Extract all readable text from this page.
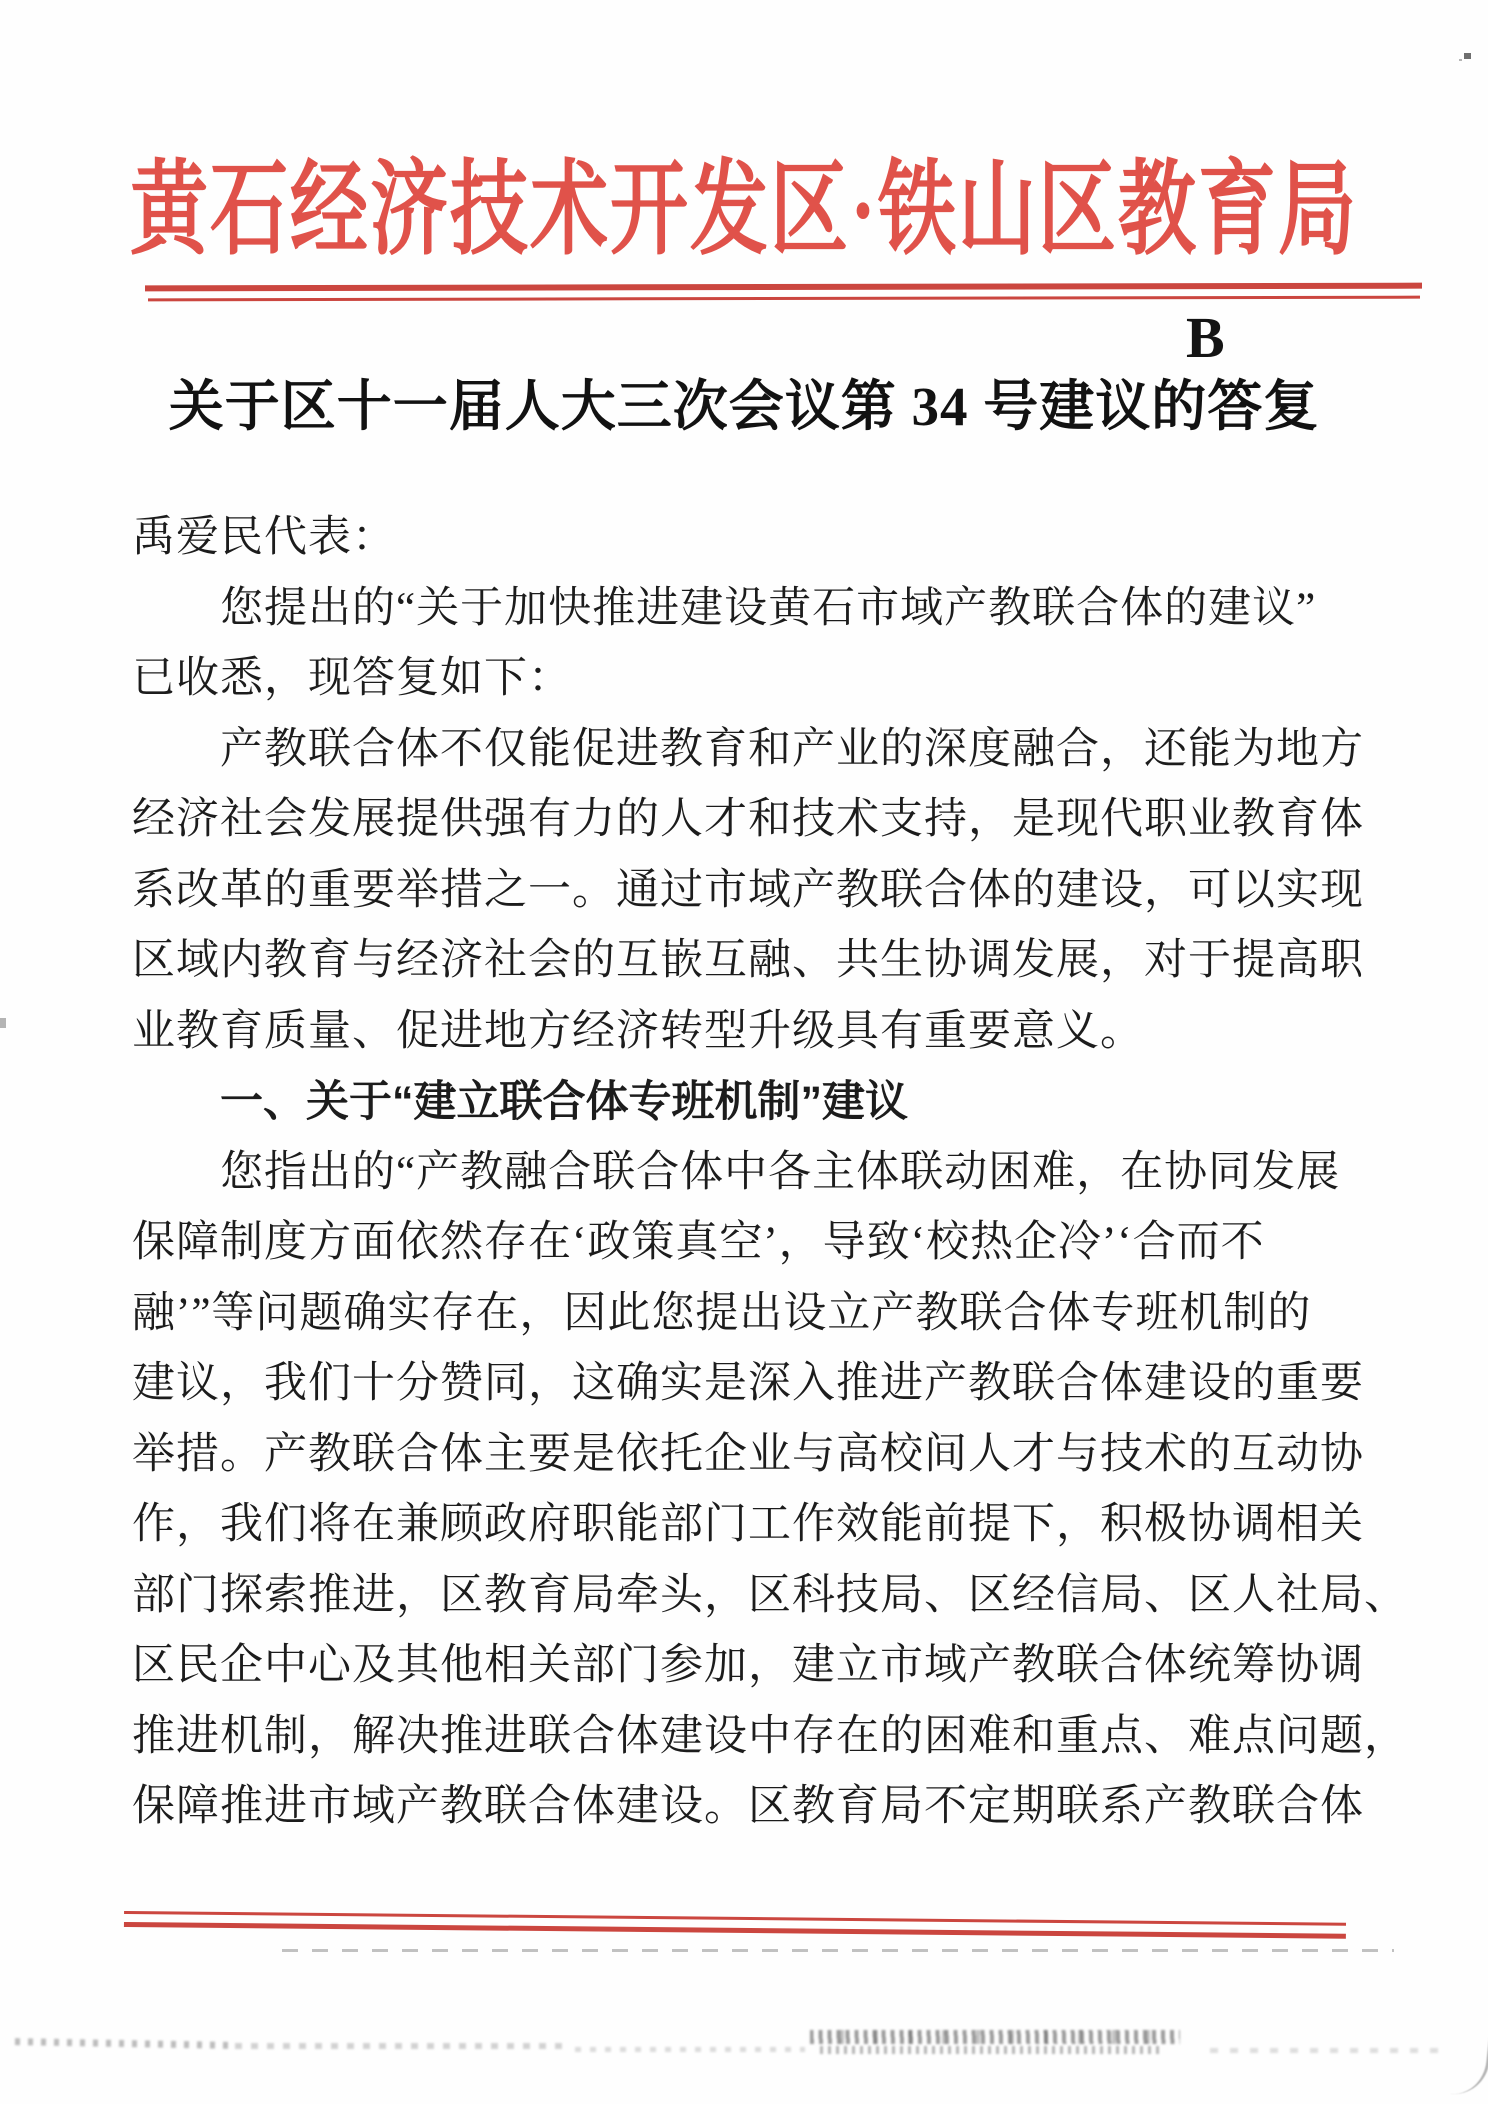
黄石经济技术开发区·铁山区教育局
B
关于区十一届人大三次会议第 34 号建议的答复
禹爱民代表：
您提出的“关于加快推进建设黄石市域产教联合体的建议”
已收悉，现答复如下：
产教联合体不仅能促进教育和产业的深度融合，还能为地方
经济社会发展提供强有力的人才和技术支持，是现代职业教育体
系改革的重要举措之一。通过市域产教联合体的建设，可以实现
区域内教育与经济社会的互嵌互融、共生协调发展，对于提高职
业教育质量、促进地方经济转型升级具有重要意义。
一、关于“建立联合体专班机制”建议
您指出的“产教融合联合体中各主体联动困难，在协同发展
保障制度方面依然存在‘政策真空’，导致‘校热企冷’‘合而不
融’”等问题确实存在，因此您提出设立产教联合体专班机制的
建议，我们十分赞同，这确实是深入推进产教联合体建设的重要
举措。产教联合体主要是依托企业与高校间人才与技术的互动协
作，我们将在兼顾政府职能部门工作效能前提下，积极协调相关
部门探索推进，区教育局牵头，区科技局、区经信局、区人社局、
区民企中心及其他相关部门参加，建立市域产教联合体统筹协调
推进机制，解决推进联合体建设中存在的困难和重点、难点问题，
保障推进市域产教联合体建设。区教育局不定期联系产教联合体
